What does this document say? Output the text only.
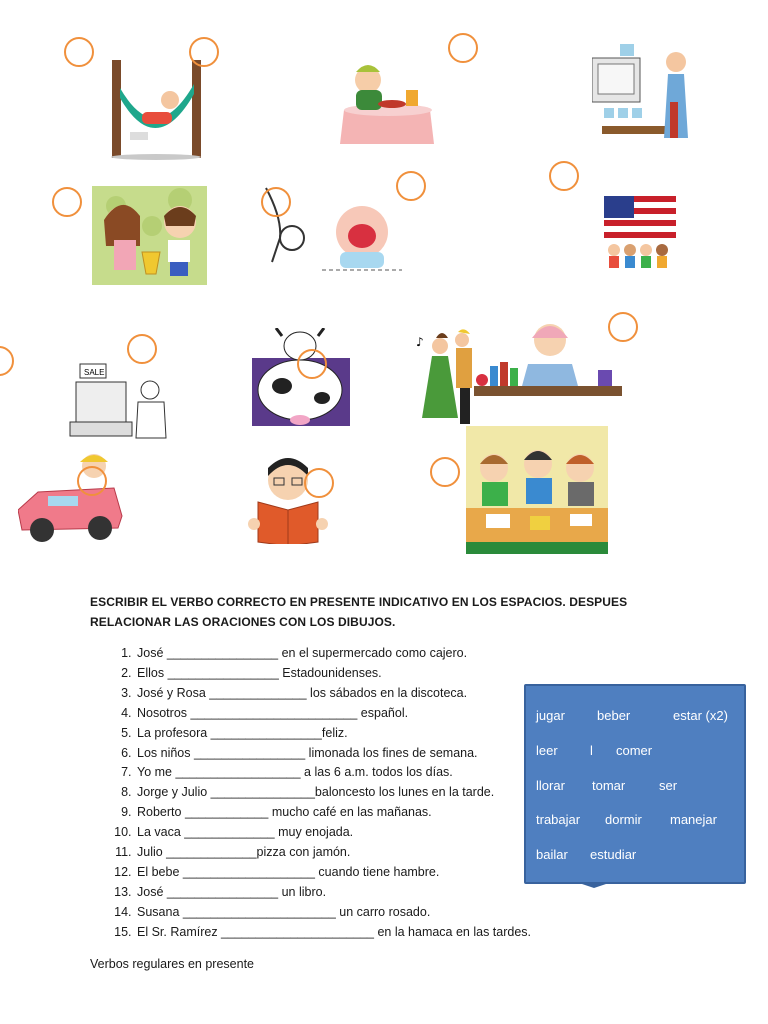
SALE
♪
ESCRIBIR EL VERBO CORRECTO EN PRESENTE INDICATIVO EN LOS ESPACIOS. DESPUES RELACIONAR LAS ORACIONES CON LOS DIBUJOS.
1. José ________________ en el supermercado como cajero.
2. Ellos ________________ Estadounidenses.
3. José y Rosa ______________ los sábados en la discoteca.
4. Nosotros ________________________ español.
5. La profesora ________________feliz.
6. Los niños ________________ limonada los fines de semana.
7. Yo me __________________ a las 6 a.m. todos los días.
8. Jorge y Julio _______________baloncesto los lunes en la tarde.
9. Roberto ____________ mucho café en las mañanas.
10. La vaca _____________ muy enojada.
11. Julio _____________pizza con jamón.
12. El bebe ___________________ cuando tiene hambre.
13. José ________________ un libro.
14. Susana ______________________ un carro rosado.
15. El Sr. Ramírez ______________________ en la hamaca en las tardes.
jugar beber	estar (x2)
leer l comer
llorar tomar	ser
trabajar dormir manejar
bailar estudiar
Verbos regulares en presente
